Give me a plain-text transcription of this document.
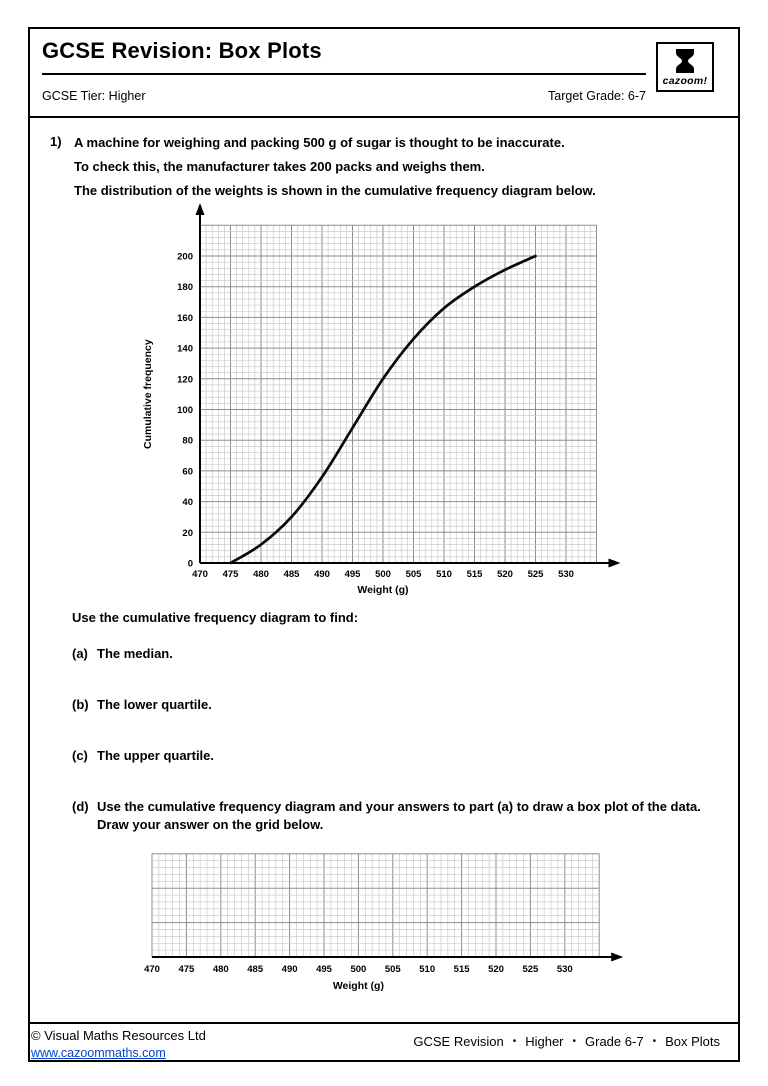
GCSE Revision: Box Plots
GCSE Tier: Higher	Target Grade: 6-7
cazoom!
1) A machine for weighing and packing 500 g of sugar is thought to be inaccurate.
To check this, the manufacturer takes 200 packs and weighs them.
The distribution of the weights is shown in the cumulative frequency diagram below.
0
20
40
60
80
100
120
140
160
180
200
470 475 480 485 490 495 500 505 510 515 520 525 530
Weight (g)
Cumulative frequency
Use the cumulative frequency diagram to find:
(a) The median.
(b) The lower quartile.
(c) The upper quartile.
(d) Use the cumulative frequency diagram and your answers to part (a) to draw a box plot of the data. Draw your answer on the grid below.
470 475 480 485 490 495 500 505 510 515 520 525 530
Weight (g)
© Visual Maths Resources Ltd
www.cazoommaths.com
GCSE Revision • Higher • Grade 6-7 • Box Plots
